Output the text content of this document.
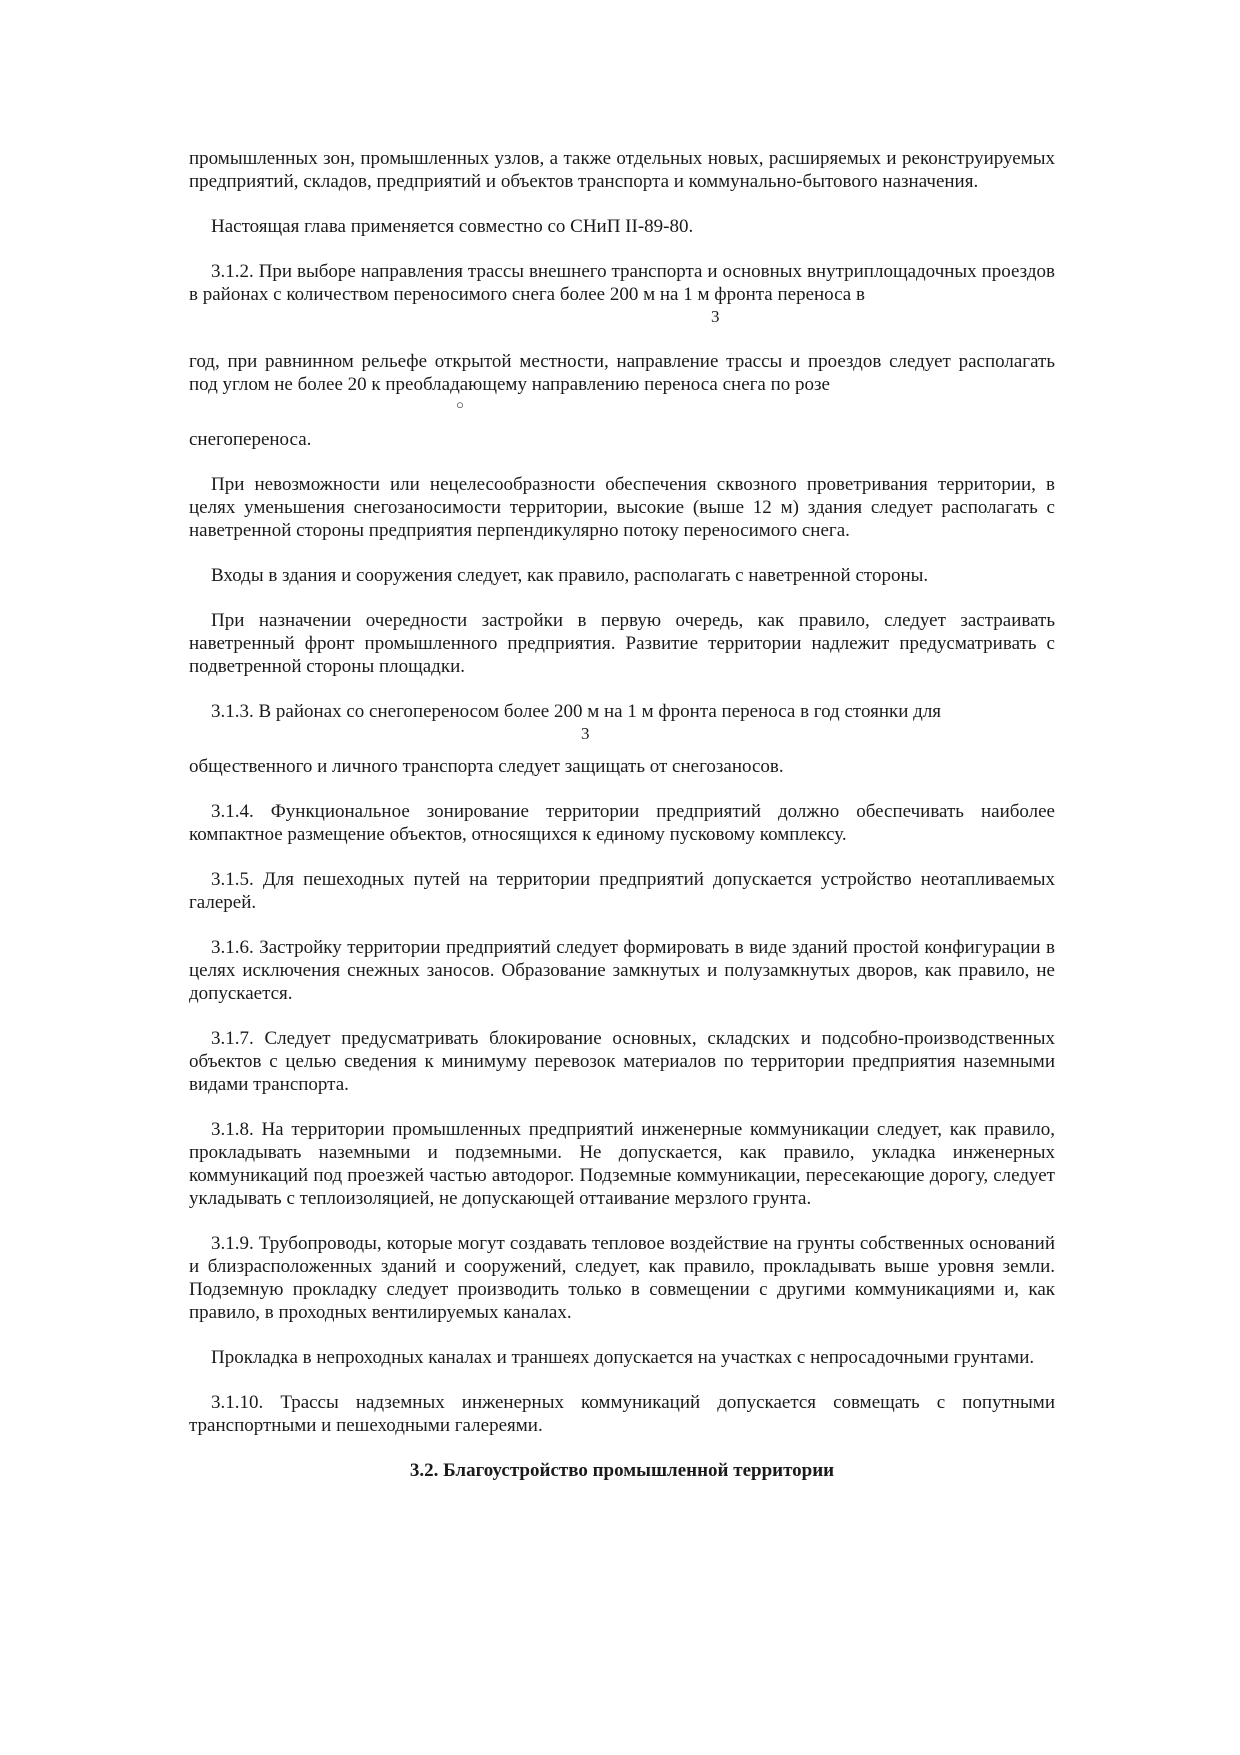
промышленных зон, промышленных узлов, а также отдельных новых, расширяемых и реконструируемых предприятий, складов, предприятий и объектов транспорта и коммунально-бытового назначения.

Настоящая глава применяется совместно со СНиП II-89-80.

3.1.2. При выборе направления трассы внешнего транспорта и основных внутриплощадочных проездов в районах с количеством переносимого снега более 200 м на 1 м фронта переноса в

3

год, при равнинном рельефе открытой местности, направление трассы и проездов следует располагать под углом не более 20 к преобладающему направлению переноса снега по розе

○

снегопереноса.

При невозможности или нецелесообразности обеспечения сквозного проветривания территории, в целях уменьшения снегозаносимости территории, высокие (выше 12 м) здания следует располагать с наветренной стороны предприятия перпендикулярно потоку переносимого снега.

Входы в здания и сооружения следует, как правило, располагать с наветренной стороны.

При назначении очередности застройки в первую очередь, как правило, следует застраивать наветренный фронт промышленного предприятия. Развитие территории надлежит предусматривать с подветренной стороны площадки.

3.1.3. В районах со снегопереносом более 200 м на 1 м фронта переноса в год стоянки для

3

общественного и личного транспорта следует защищать от снегозаносов.

3.1.4. Функциональное зонирование территории предприятий должно обеспечивать наиболее компактное размещение объектов, относящихся к единому пусковому комплексу.

3.1.5. Для пешеходных путей на территории предприятий допускается устройство неотапливаемых галерей.

3.1.6. Застройку территории предприятий следует формировать в виде зданий простой конфигурации в целях исключения снежных заносов. Образование замкнутых и полузамкнутых дворов, как правило, не допускается.

3.1.7. Следует предусматривать блокирование основных, складских и подсобно-производственных объектов с целью сведения к минимуму перевозок материалов по территории предприятия наземными видами транспорта.

3.1.8. На территории промышленных предприятий инженерные коммуникации следует, как правило, прокладывать наземными и подземными. Не допускается, как правило, укладка инженерных коммуникаций под проезжей частью автодорог. Подземные коммуникации, пересекающие дорогу, следует укладывать с теплоизоляцией, не допускающей оттаивание мерзлого грунта.

3.1.9. Трубопроводы, которые могут создавать тепловое воздействие на грунты собственных оснований и близрасположенных зданий и сооружений, следует, как правило, прокладывать выше уровня земли. Подземную прокладку следует производить только в совмещении с другими коммуникациями и, как правило, в проходных вентилируемых каналах.

Прокладка в непроходных каналах и траншеях допускается на участках с непросадочными грунтами.

3.1.10. Трассы надземных инженерных коммуникаций допускается совмещать с попутными транспортными и пешеходными галереями.

3.2. Благоустройство промышленной территории
